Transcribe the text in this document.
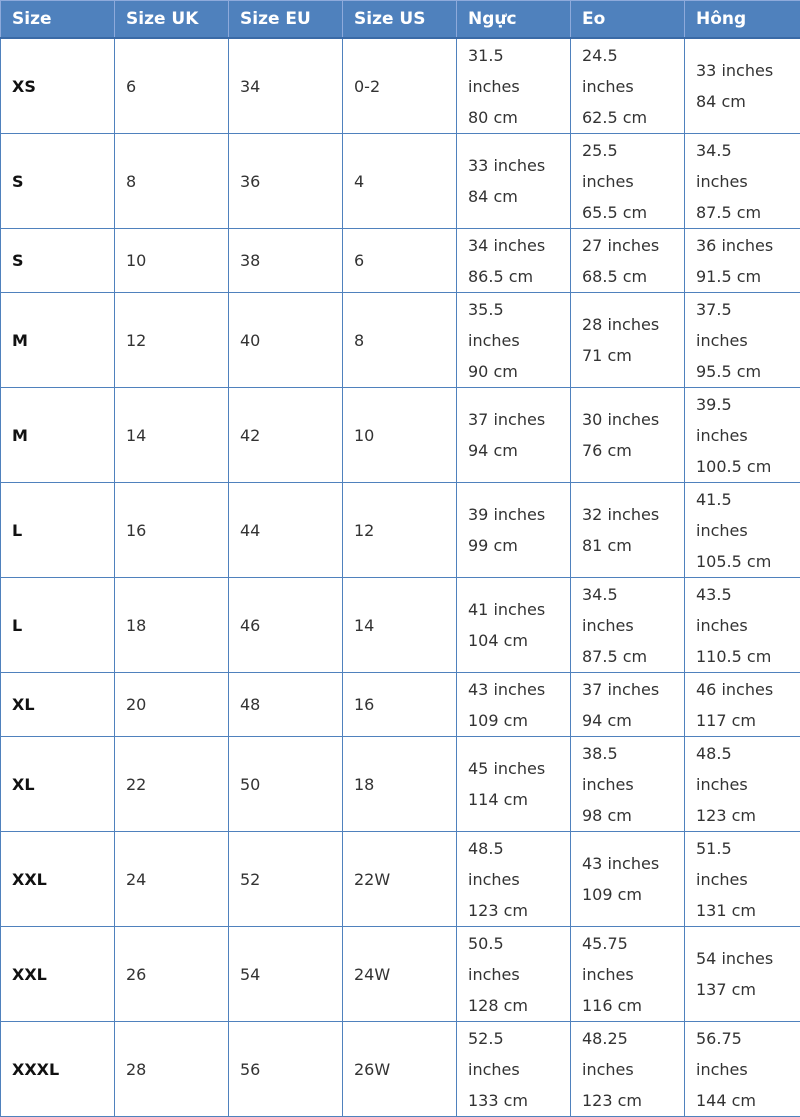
Size	Size UK	Size EU	Size US	Ngực	Eo	Hông
XS	6	34	0-2	31.5
inches
80 cm	24.5
inches
62.5 cm	33 inches
84 cm

S	8	36	4	33 inches
84 cm	25.5
inches
65.5 cm	34.5
inches
87.5 cm

S	10	38	6	34 inches
86.5 cm	27 inches
68.5 cm	36 inches
91.5 cm

M	12	40	8	35.5
inches
90 cm	28 inches
71 cm	37.5
inches
95.5 cm

M	14	42	10	37 inches
94 cm	30 inches
76 cm	39.5
inches
100.5 cm

L	16	44	12	39 inches
99 cm	32 inches
81 cm	41.5
inches
105.5 cm

L	18	46	14	41 inches
104 cm	34.5
inches
87.5 cm	43.5
inches
110.5 cm

XL	20	48	16	43 inches
109 cm	37 inches
94 cm	46 inches
117 cm

XL	22	50	18	45 inches
114 cm	38.5
inches
98 cm	48.5
inches
123 cm

XXL	24	52	22W	48.5
inches
123 cm	43 inches
109 cm	51.5
inches
131 cm

XXL	26	54	24W	50.5
inches
128 cm	45.75
inches
116 cm	54 inches
137 cm

XXXL	28	56	26W	52.5
inches
133 cm	48.25
inches
123 cm	56.75
inches
144 cm
